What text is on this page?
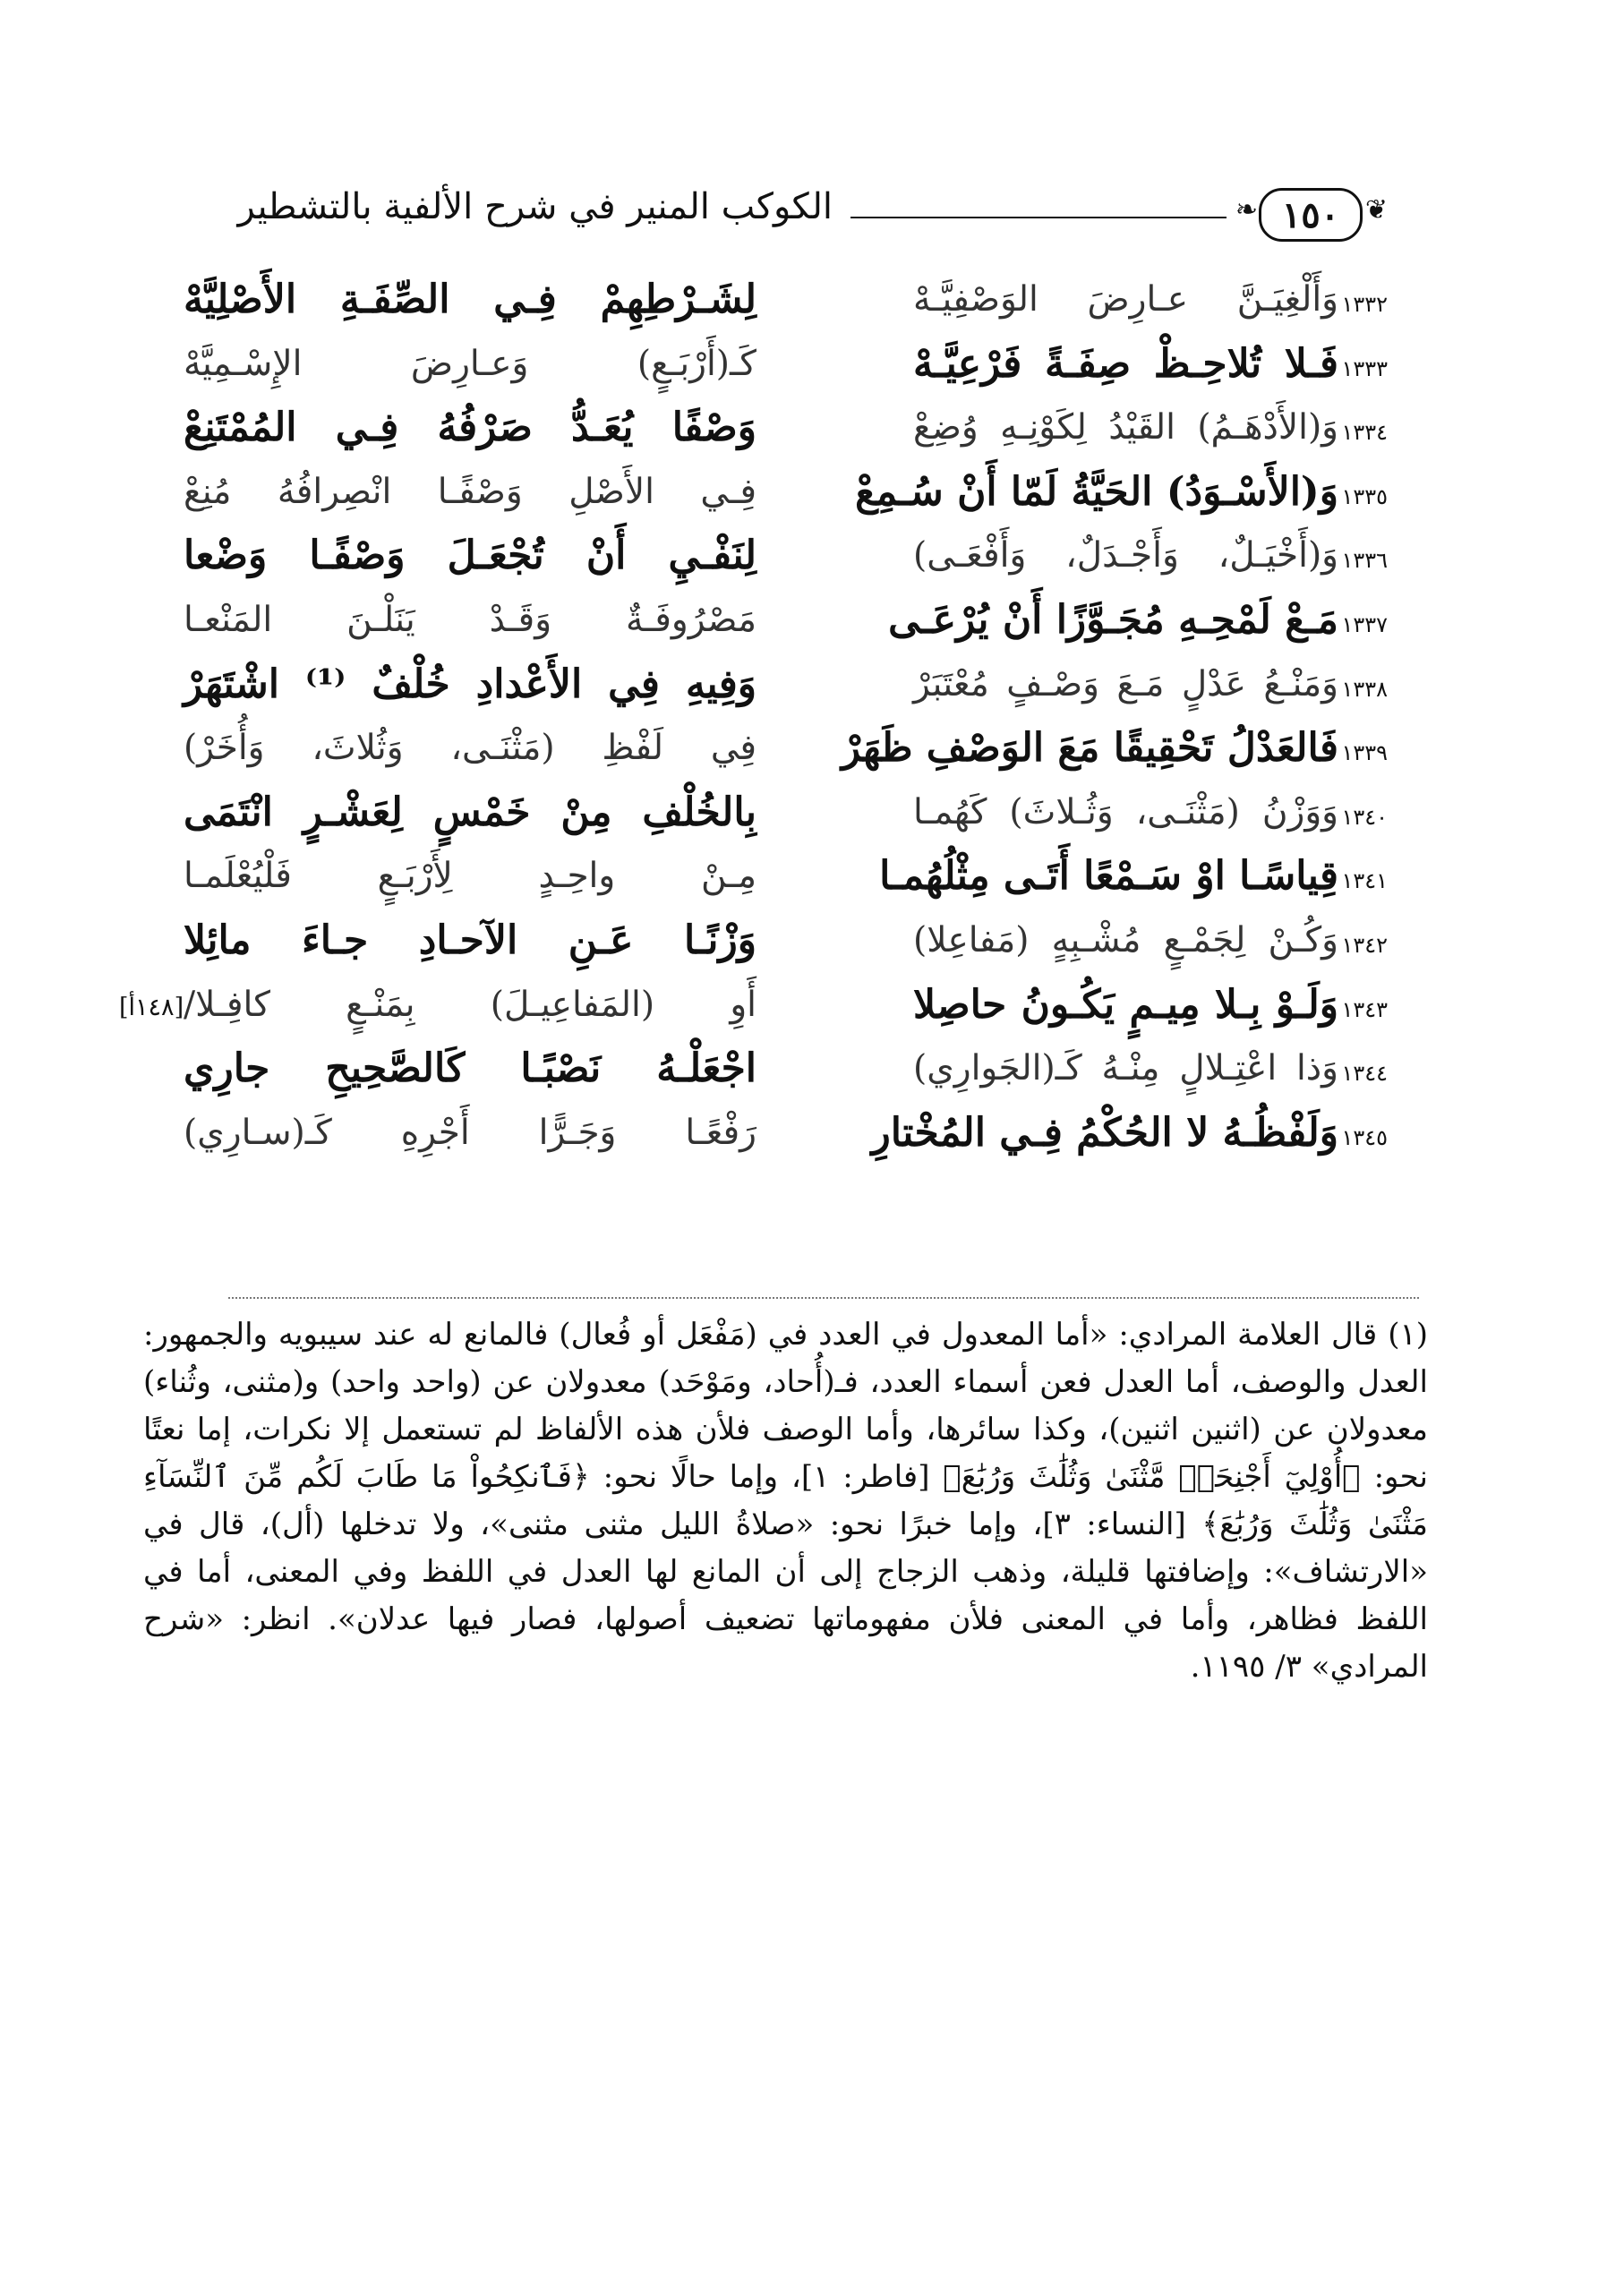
❦
١٥٠
❧
الكوكب المنير في شرح الألفية بالتشطير
١٣٣٢
وَأَلْغِيَـنَّ عـارِضَ الوَصْفِيَّـهْ
لِشَـرْطِهِمْ فِـي الصِّفَـةِ الأَصْلِيَّهْ
١٣٣٣
فَـلا تُلاحِـظْ صِفَـةً فَرْعِيَّـهْ
كَـ(أَرْبَـعٍ) وَعـارِضَ الإِسْـمِيَّهْ
١٣٣٤
وَ(الأَدْهَـمُ) القَيْدُ لِكَوْنِـهِ وُضِعْ
وَصْفًا يُعَـدُّ صَرْفُهُ فِـي المُمْتَنِعْ
١٣٣٥
وَ(الأَسْـوَدُ) الحَيَّةُ لَمّا أَنْ سُـمِعْ
فِـي الأَصْلِ وَصْفًـا انْصِرافُهُ مُنِعْ
١٣٣٦
وَ(أَخْيَـلٌ، وَأَجْـدَلٌ، وَأَفْعَـى)
لِنَفْـيِ أَنْ تُجْعَـلَ وَصْفًـا وَضْعا
١٣٣٧
مَـعْ لَمْحِـهِ مُجَـوَّزًا أَنْ يُرْعَـى
مَصْرُوفَـةٌ وَقَـدْ يَنَلْـنَ المَنْعـا
١٣٣٨
وَمَنْـعُ عَدْلٍ مَـعَ وَصْـفٍ مُعْتَبَرْ
وَفِيهِ فِي الأَعْدادِ خُلْفٌ ⁽¹⁾ اشْتَهَرْ
١٣٣٩
فَالعَدْلُ تَحْقِيقًا مَعَ الوَصْفِ ظَهَرْ
فِي لَفْظِ (مَثْنَـى، وَثُلاثَ، وَأُخَرْ)
١٣٤٠
وَوَزْنُ (مَثْنَـى، وَثُـلاثَ) كَهُمـا
بِالخُلْفِ مِنْ خَمْسٍ لِعَشْـرٍ انْتَمَى
١٣٤١
قِياسًـا اوْ سَـمْعًا أَتَـى مِثْلُهُمـا
مِـنْ واحِـدٍ لِأَرْبَـعٍ فَلْيُعْلَمـا
١٣٤٢
وَكُـنْ لِجَمْـعٍ مُشْـبِهٍ (مَفاعِلا)
وَزْنًـا عَـنِ الآحـادِ جـاءَ مائِلا
١٣٤٣
وَلَـوْ بِـلا مِيـمٍ يَكُـونُ حاصِلا
أَوِ (المَفاعِيـلَ) بِمَنْـعٍ كافِـلا/
[١٤٨أ]
١٣٤٤
وَذا اعْتِـلالٍ مِنْـهُ كَـ(الجَوارِي)
اجْعَلْـهُ نَصْبًـا كَالصَّحِيحِ جارِي
١٣٤٥
وَلَفْظُـهُ لا الحُكْمُ فِـي المُخْتارِ
رَفْعًـا وَجَـرًّا أَجْرِهِ كَـ(سـارِي)
(١) قال العلامة المرادي: «أما المعدول في العدد في (مَفْعَل أو فُعال) فالمانع له عند سيبويه والجمهور: العدل والوصف، أما العدل فعن أسماء العدد، فـ(أُحاد، ومَوْحَد) معدولان عن (واحد واحد) و(مثنى، وثُناء) معدولان عن (اثنين اثنين)، وكذا سائرها، وأما الوصف فلأن هذه الألفاظ لم تستعمل إلا نكرات، إما نعتًا نحو: ﴿أُوْلِيٓ أَجْنِحَةٖ مَّثْنَىٰ وَثُلَٰثَ وَرُبَٰعَ﴾ [فاطر: ١]، وإما حالًا نحو: ﴿فَٱنكِحُواْ مَا طَابَ لَكُم مِّنَ ٱلنِّسَآءِ مَثْنَىٰ وَثُلَٰثَ وَرُبَٰعَ﴾ [النساء: ٣]، وإما خبرًا نحو: «صلاةُ الليل مثنى مثنى»، ولا تدخلها (أل)، قال في «الارتشاف»: وإضافتها قليلة، وذهب الزجاج إلى أن المانع لها العدل في اللفظ وفي المعنى، أما في اللفظ فظاهر، وأما في المعنى فلأن مفهوماتها تضعيف أصولها، فصار فيها عدلان». انظر: «شرح المرادي» ٣/ ١١٩٥.
